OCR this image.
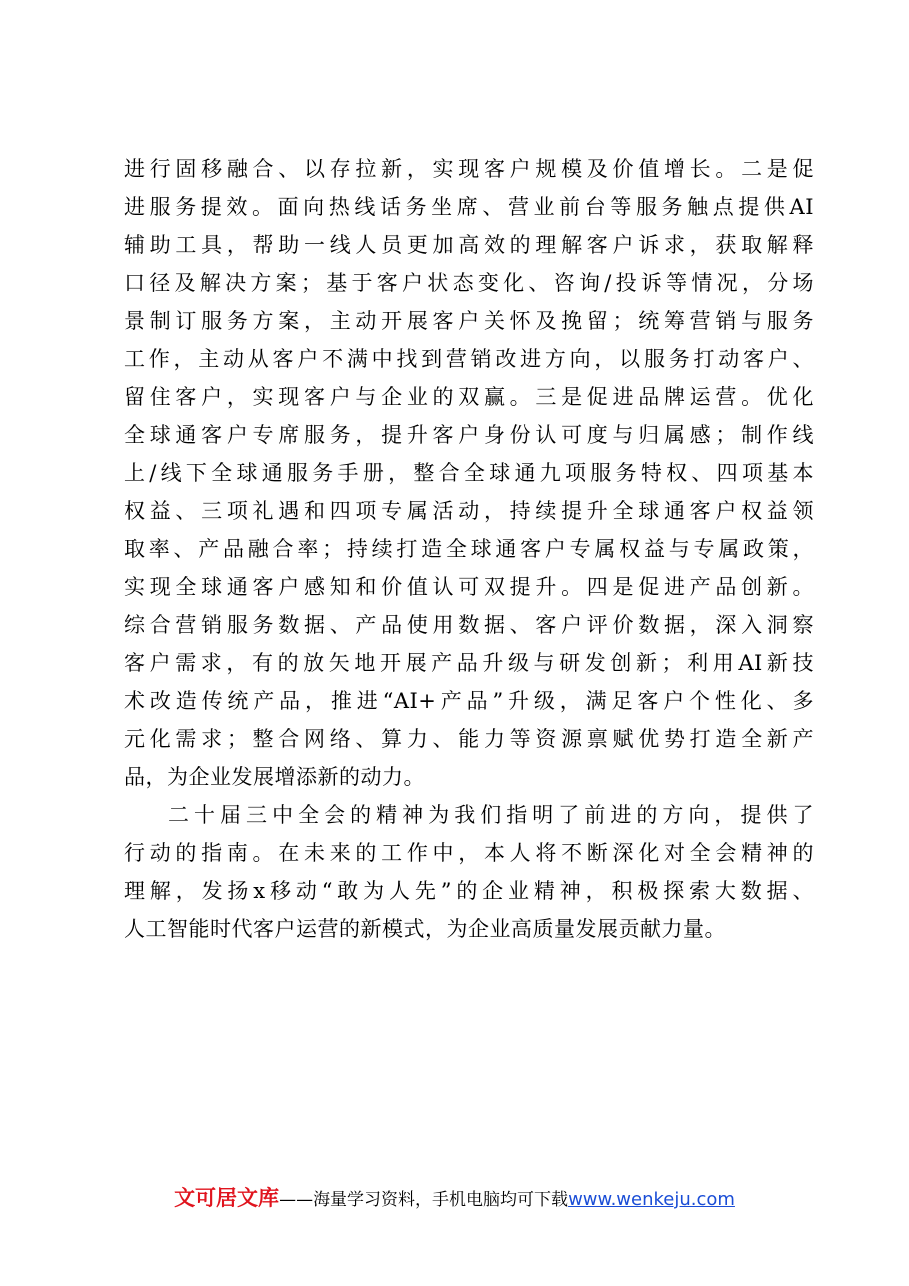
进行固移融合、以存拉新，实现客户规模及价值增长。二是促
进服务提效。面向热线话务坐席、营业前台等服务触点提供AI
辅助工具，帮助一线人员更加高效的理解客户诉求，获取解释
口径及解决方案；基于客户状态变化、咨询/投诉等情况，分场
景制订服务方案，主动开展客户关怀及挽留；统筹营销与服务
工作，主动从客户不满中找到营销改进方向，以服务打动客户、
留住客户，实现客户与企业的双赢。三是促进品牌运营。优化
全球通客户专席服务，提升客户身份认可度与归属感；制作线
上/线下全球通服务手册，整合全球通九项服务特权、四项基本
权益、三项礼遇和四项专属活动，持续提升全球通客户权益领
取率、产品融合率；持续打造全球通客户专属权益与专属政策，
实现全球通客户感知和价值认可双提升。四是促进产品创新。
综合营销服务数据、产品使用数据、客户评价数据，深入洞察
客户需求，有的放矢地开展产品升级与研发创新；利用AI新技
术改造传统产品，推进“AI+产品”升级，满足客户个性化、多
元化需求；整合网络、算力、能力等资源禀赋优势打造全新产
品，为企业发展增添新的动力。
二十届三中全会的精神为我们指明了前进的方向，提供了
行动的指南。在未来的工作中，本人将不断深化对全会精神的
理解，发扬x移动“敢为人先”的企业精神，积极探索大数据、
人工智能时代客户运营的新模式，为企业高质量发展贡献力量。
文可居文库——海量学习资料，手机电脑均可下载www.wenkeju.com
